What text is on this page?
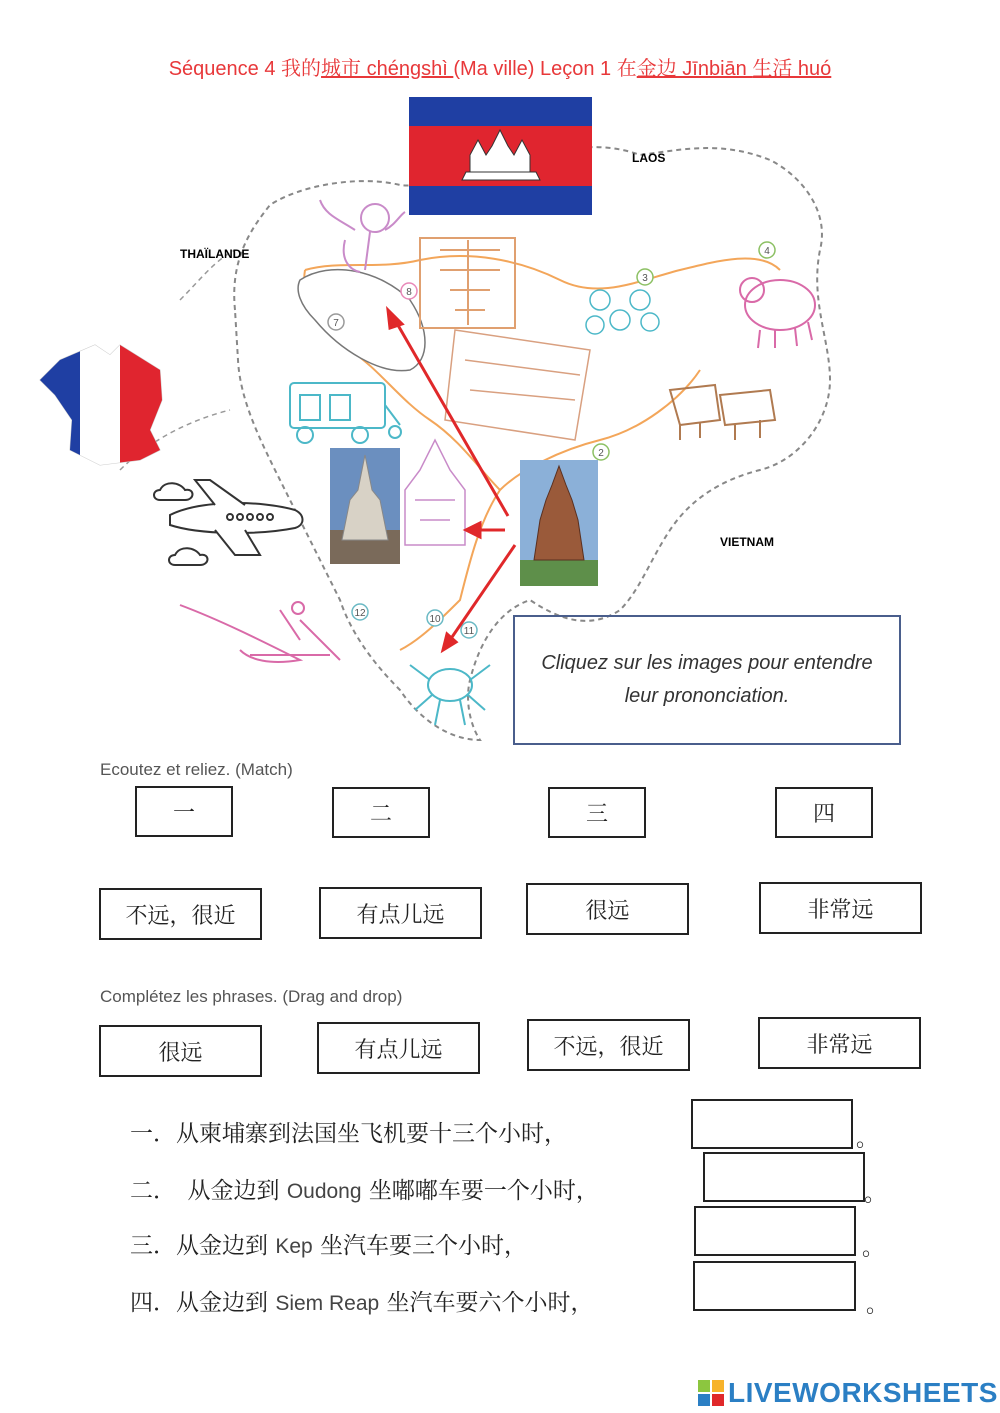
Séquence 4 我的城市 chéngshì (Ma ville) Leçon 1 在金边 Jīnbiān 生活 huó
2
3
4
7
8
10
11
12
LAOS
THAÏLANDE
VIETNAM
Cliquez sur les images pour entendre leur prononciation.
Ecoutez et reliez. (Match)
一	二	三	四
不远，很近	有点儿远	很远	非常远
Complétez les phrases. (Drag and drop)
很远	有点儿远	不远，很近	非常远
一．从柬埔寨到法国坐飞机要十三个小时，	。
二．　从金边到 Oudong 坐嘟嘟车要一个小时，	。
三．从金边到 Kep 坐汽车要三个小时，	。
四．从金边到 Siem Reap 坐汽车要六个小时，	。
LIVEWORKSHEETS
